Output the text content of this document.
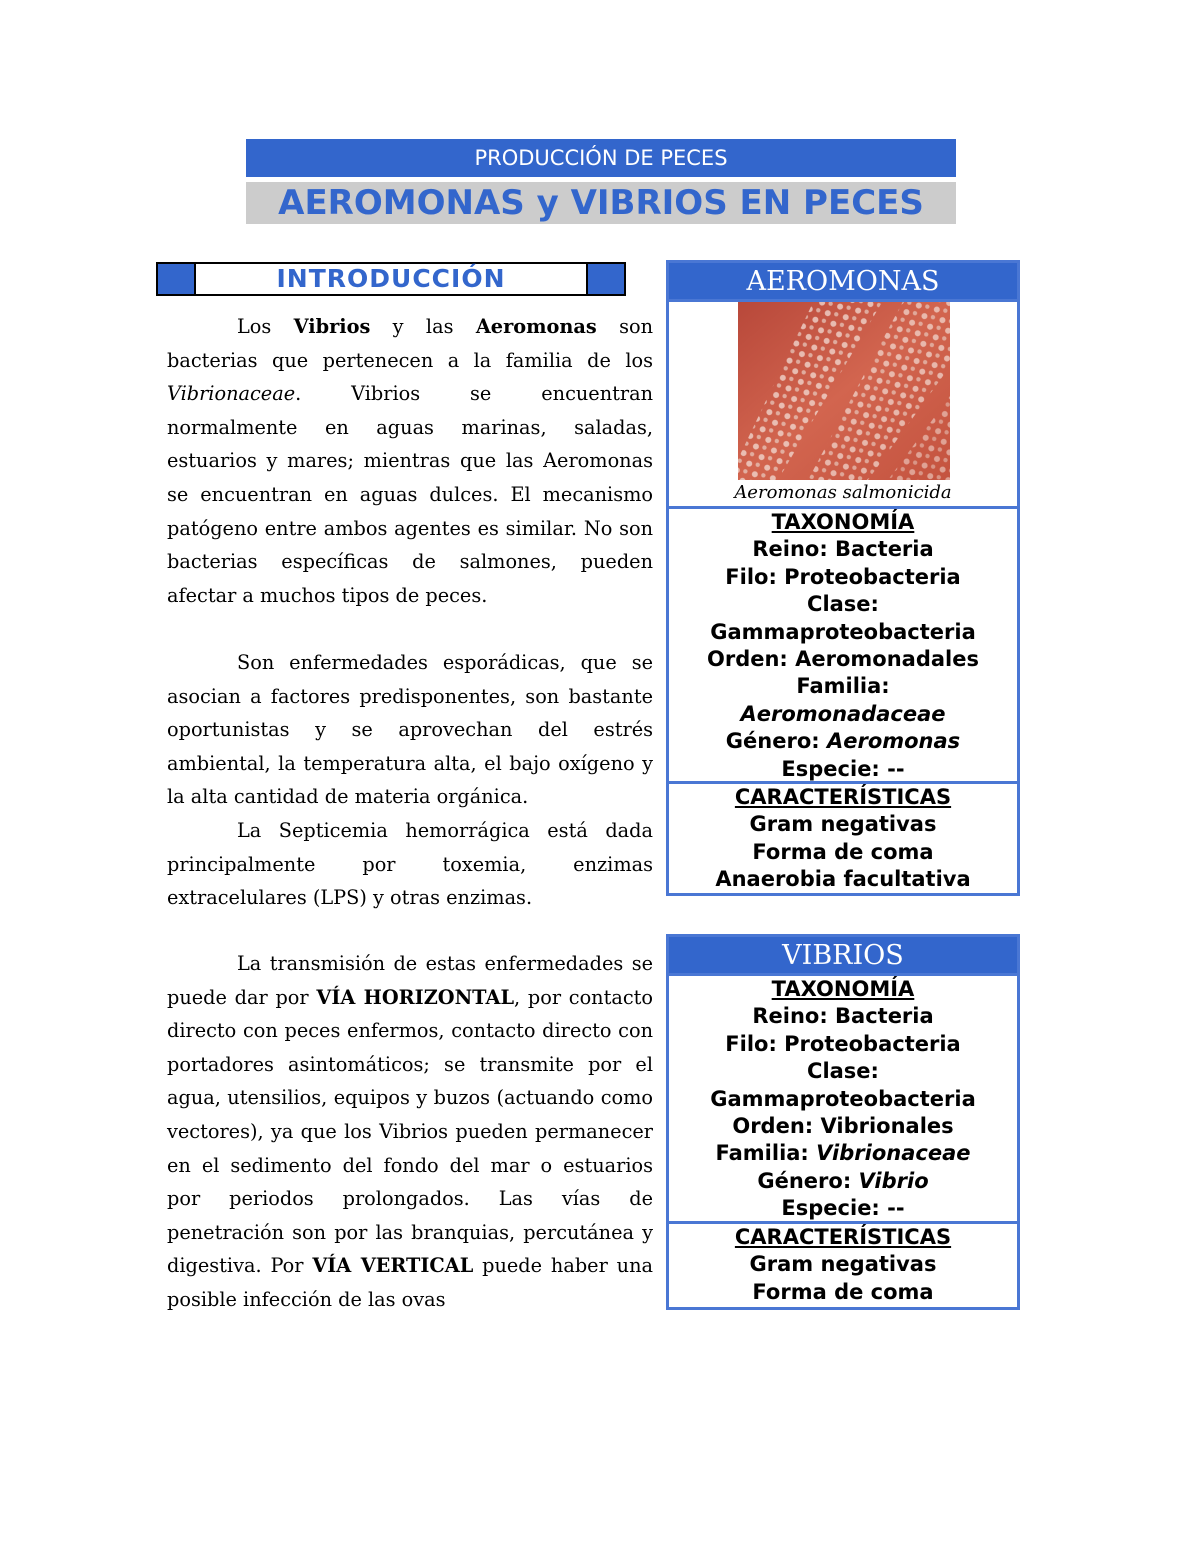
PRODUCCIÓN DE PECES
AEROMONAS y VIBRIOS EN PECES
INTRODUCCIÓN

Los Vibrios y las Aeromonas son bacterias que pertenecen a la familia de los Vibrionaceae. Vibrios se encuentran normalmente en aguas marinas, saladas, estuarios y mares; mientras que las Aeromonas se encuentran en aguas dulces. El mecanismo patógeno entre ambos agentes es similar. No son bacterias específicas de salmones, pueden afectar a muchos tipos de peces.

Son enfermedades esporádicas, que se asocian a factores predisponentes, son bastante oportunistas y se aprovechan del estrés ambiental, la temperatura alta, el bajo oxígeno y la alta cantidad de materia orgánica.

La Septicemia hemorrágica está dada principalmente por toxemia, enzimas extracelulares (LPS) y otras enzimas.

La transmisión de estas enfermedades se puede dar por VÍA HORIZONTAL, por contacto directo con peces enfermos, contacto directo con portadores asintomáticos; se transmite por el agua, utensilios, equipos y buzos (actuando como vectores), ya que los Vibrios pueden permanecer en el sedimento del fondo del mar o estuarios por periodos prolongados. Las vías de penetración son por las branquias, percutánea y digestiva. Por VÍA VERTICAL puede haber una posible infección de las ovas

AEROMONAS
Aeromonas salmonicida
TAXONOMÍA
Reino: Bacteria
Filo: Proteobacteria
Clase:
Gammaproteobacteria
Orden: Aeromonadales
Familia:
Aeromonadaceae
Género: Aeromonas
Especie: --
CARACTERÍSTICAS
Gram negativas
Forma de coma
Anaerobia facultativa
VIBRIOS
TAXONOMÍA
Reino: Bacteria
Filo: Proteobacteria
Clase:
Gammaproteobacteria
Orden: Vibrionales
Familia: Vibrionaceae
Género: Vibrio
Especie: --
CARACTERÍSTICAS
Gram negativas
Forma de coma
